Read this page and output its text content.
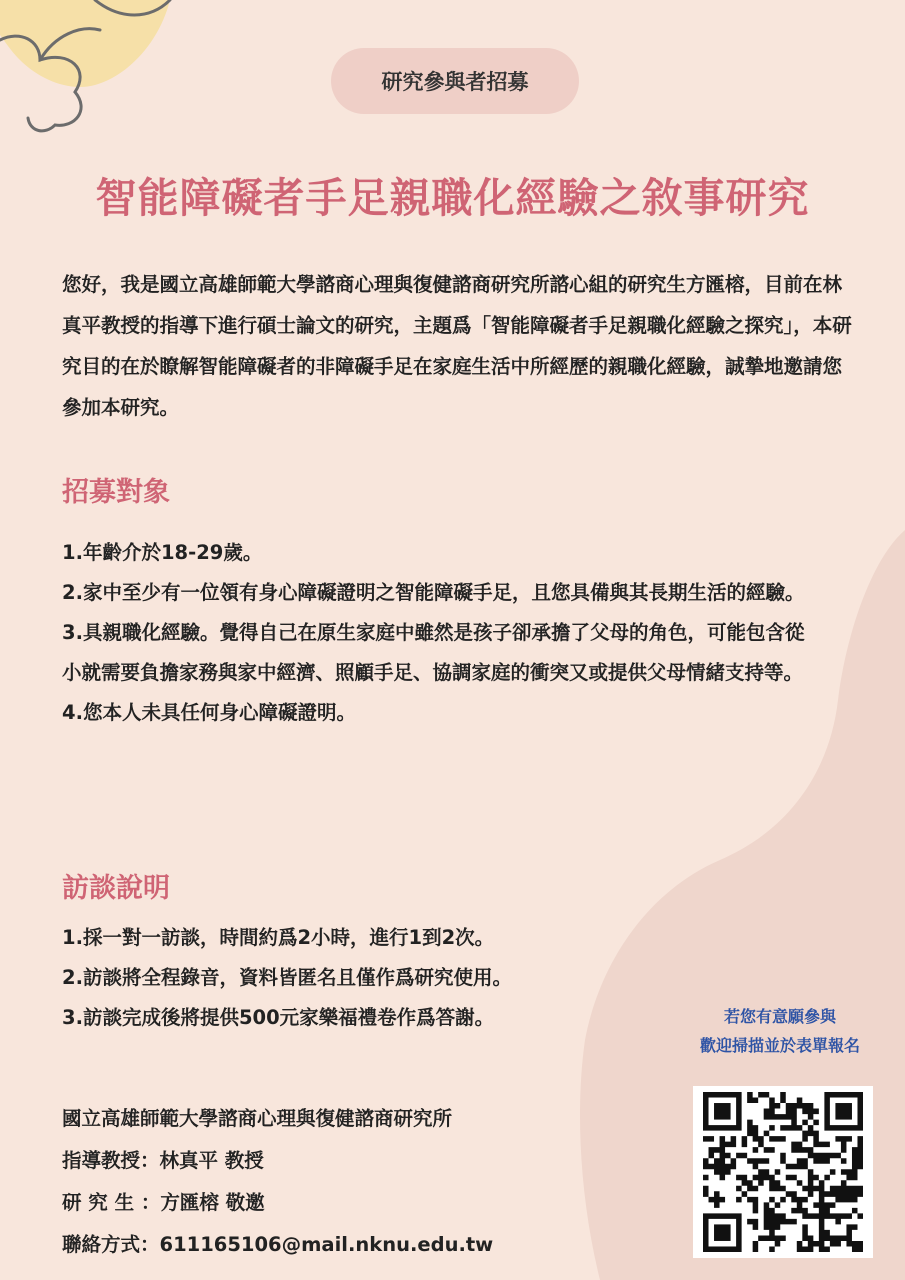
研究參與者招募
智能障礙者手足親職化經驗之敘事研究

您好，我是國立高雄師範大學諮商心理與復健諮商研究所諮心組的研究生方匯榕，目前在林真平教授的指導下進行碩士論文的研究，主題爲「智能障礙者手足親職化經驗之探究」，本研究目的在於瞭解智能障礙者的非障礙手足在家庭生活中所經歷的親職化經驗，誠摯地邀請您參加本研究。

招募對象
1.年齡介於18-29歲。
2.家中至少有一位領有身心障礙證明之智能障礙手足，且您具備與其長期生活的經驗。
3.具親職化經驗。覺得自己在原生家庭中雖然是孩子卻承擔了父母的角色，可能包含從小就需要負擔家務與家中經濟、照顧手足、協調家庭的衝突又或提供父母情緒支持等。
4.您本人未具任何身心障礙證明。
訪談說明
1.採一對一訪談，時間約爲2小時，進行1到2次。
2.訪談將全程錄音，資料皆匿名且僅作爲研究使用。
3.訪談完成後將提供500元家樂福禮卷作爲答謝。	若您有意願參與
歡迎掃描並於表單報名
國立高雄師範大學諮商心理與復健諮商研究所
指導教授：林真平 教授
研 究 生 ：方匯榕 敬邀
聯絡方式：611165106@mail.nknu.edu.tw
